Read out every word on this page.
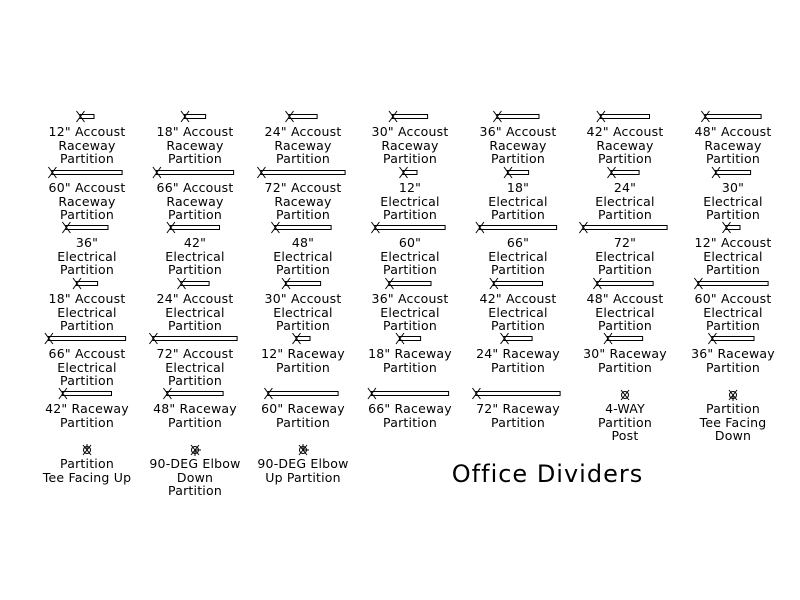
12" Accoust
Raceway
Partition
18" Accoust
Raceway
Partition
24" Accoust
Raceway
Partition
30" Accoust
Raceway
Partition
36" Accoust
Raceway
Partition
42" Accoust
Raceway
Partition
48" Accoust
Raceway
Partition
60" Accoust
Raceway
Partition
66" Accoust
Raceway
Partition
72" Accoust
Raceway
Partition
12"
Electrical
Partition
18"
Electrical
Partition
24"
Electrical
Partition
30"
Electrical
Partition
36"
Electrical
Partition
42"
Electrical
Partition
48"
Electrical
Partition
60"
Electrical
Partition
66"
Electrical
Partition
72"
Electrical
Partition
12" Accoust
Electrical
Partition
18" Accoust
Electrical
Partition
24" Accoust
Electrical
Partition
30" Accoust
Electrical
Partition
36" Accoust
Electrical
Partition
42" Accoust
Electrical
Partition
48" Accoust
Electrical
Partition
60" Accoust
Electrical
Partition
66" Accoust
Electrical
Partition
72" Accoust
Electrical
Partition
12" Raceway
Partition
18" Raceway
Partition
24" Raceway
Partition
30" Raceway
Partition
36" Raceway
Partition
42" Raceway
Partition
48" Raceway
Partition
60" Raceway
Partition
66" Raceway
Partition
72" Raceway
Partition
4-WAY
Partition
Post
Partition
Tee Facing
Down
Partition
Tee Facing Up
90-DEG Elbow
Down
Partition
90-DEG Elbow
Up Partition	Office Dividers
